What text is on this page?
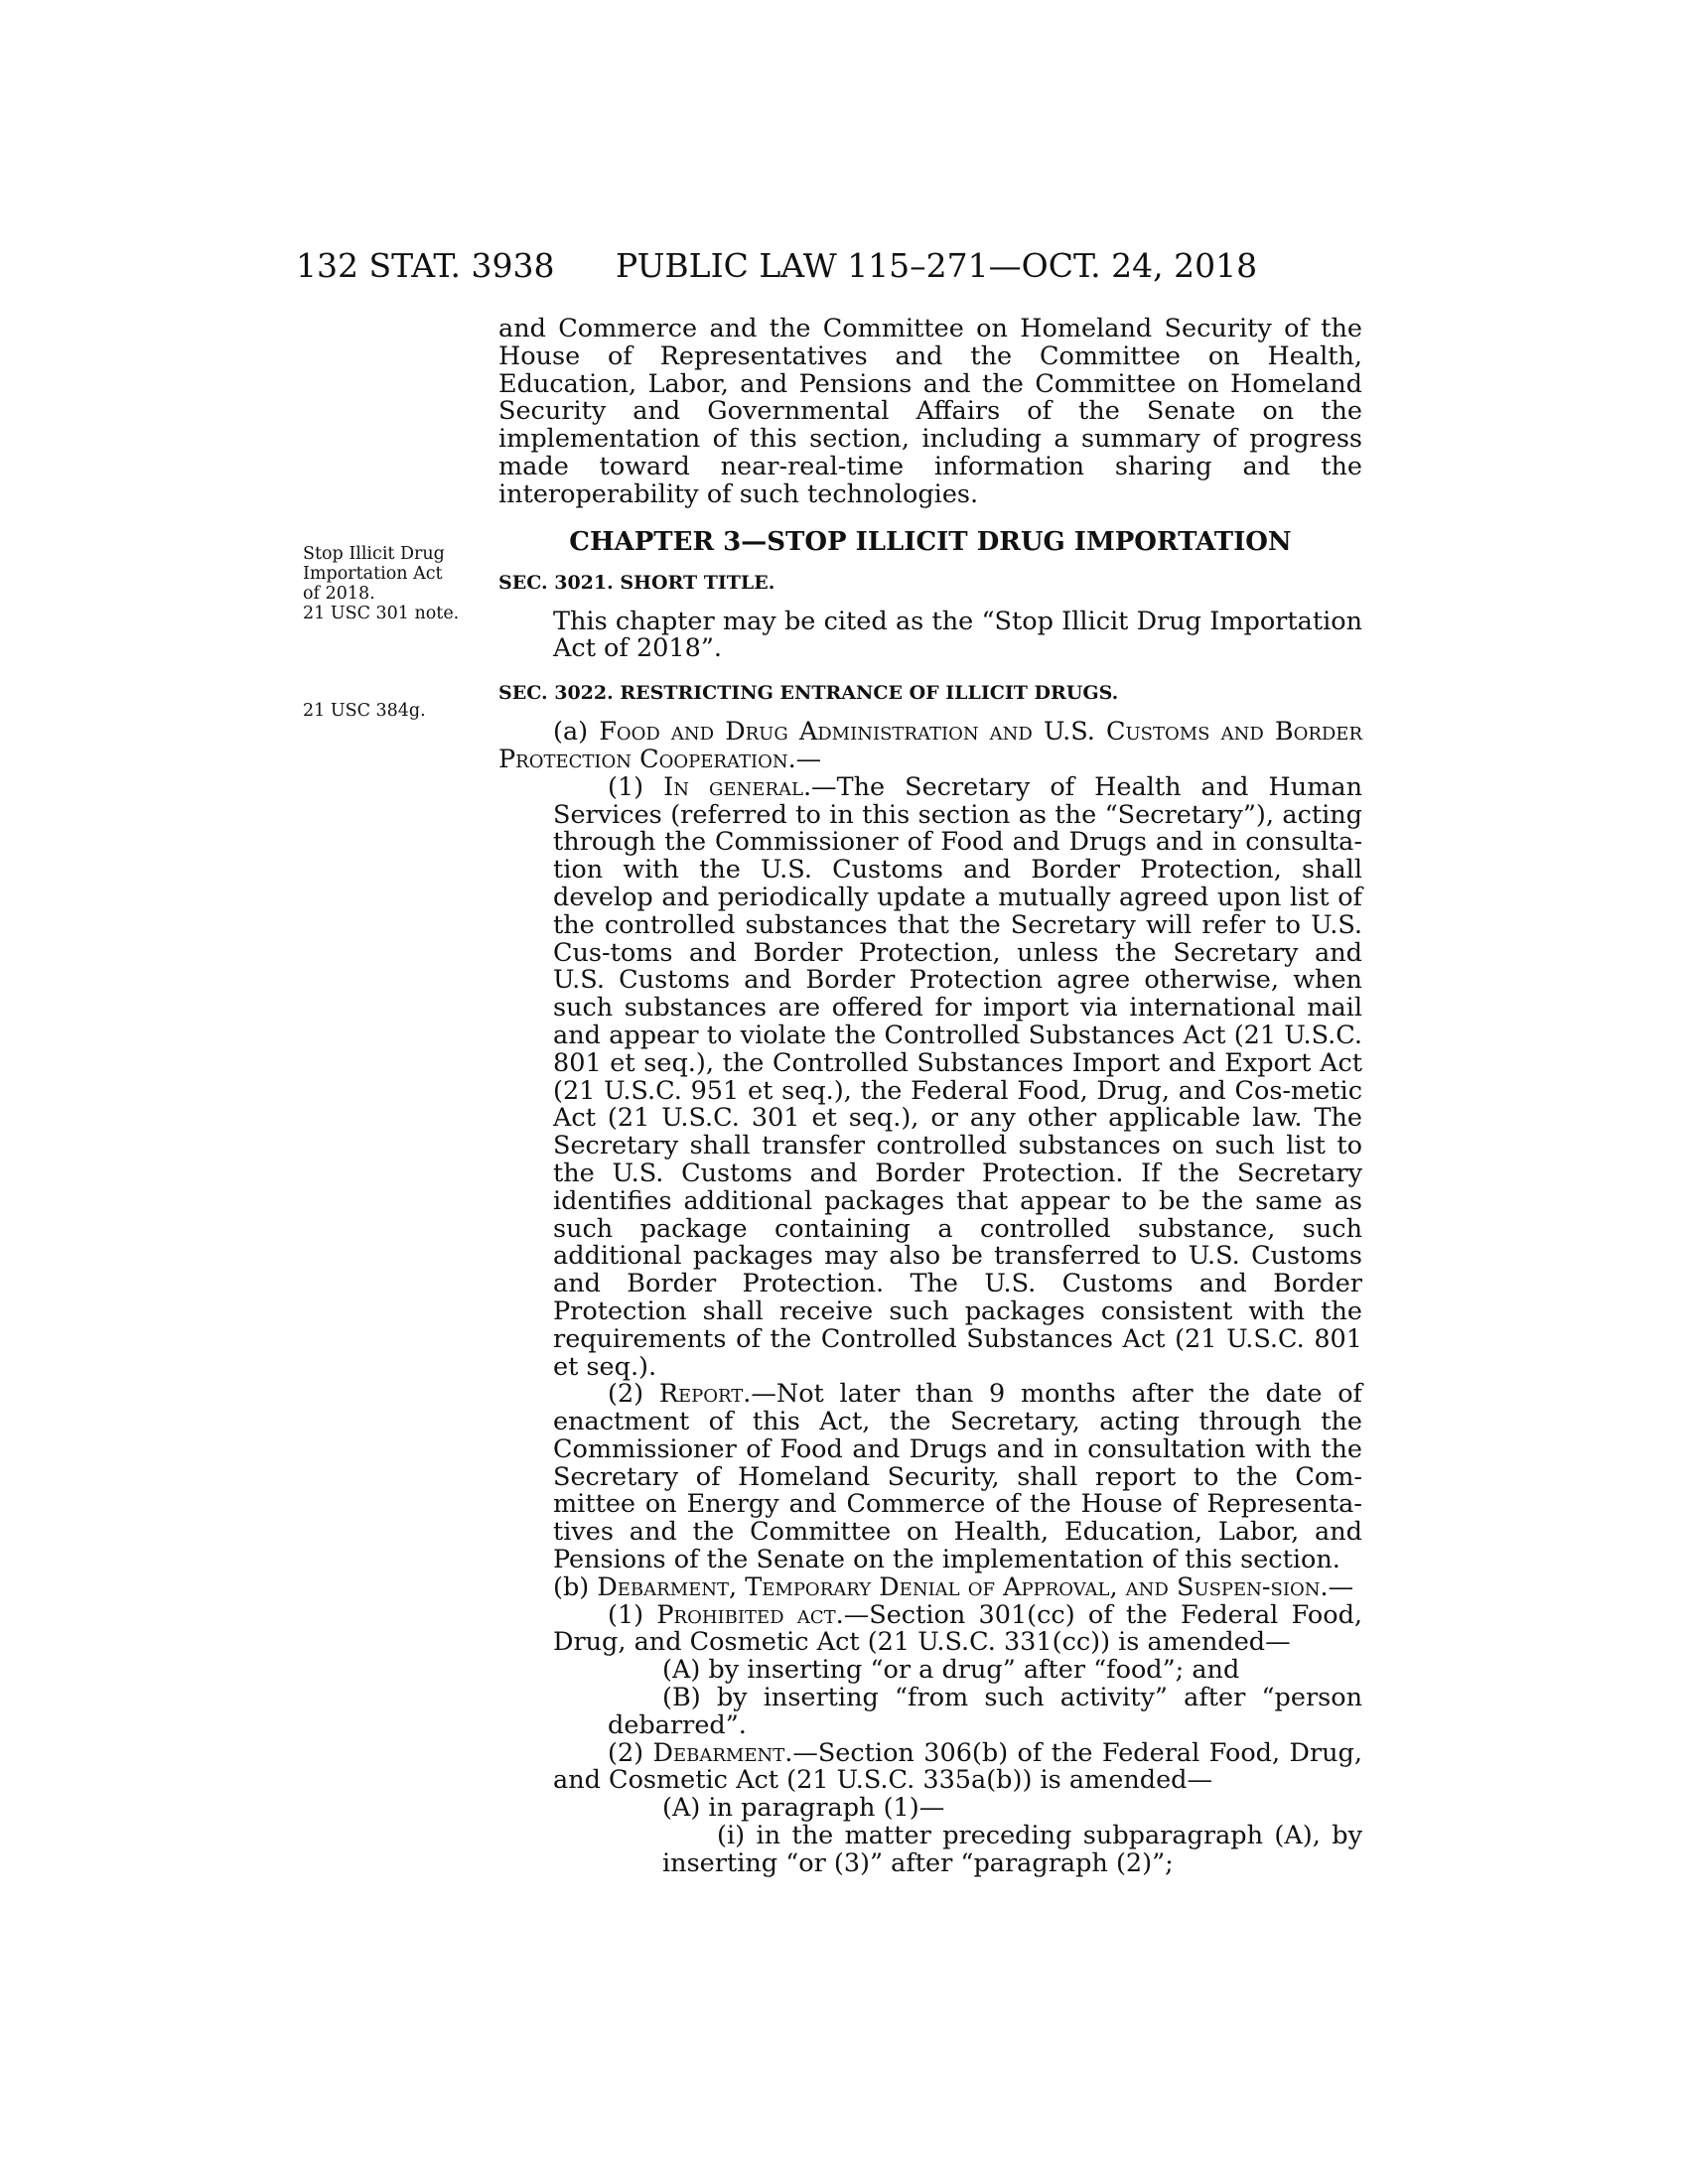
132 STAT. 3938 PUBLIC LAW 115–271—OCT. 24, 2018
Stop Illicit Drug
Importation Act
of 2018.
21 USC 301 note.
21 USC 384g.

and Commerce and the Committee on Homeland Security of the House of Representatives and the Committee on Health, Education, Labor, and Pensions and the Committee on Homeland Security and Governmental Affairs of the Senate on the implementation of this section, including a summary of progress made toward near-real-time information sharing and the interoperability of such technologies.

CHAPTER 3—STOP ILLICIT DRUG IMPORTATION

SEC. 3021. SHORT TITLE.

This chapter may be cited as the “Stop Illicit Drug Importation Act of 2018”.

SEC. 3022. RESTRICTING ENTRANCE OF ILLICIT DRUGS.

(a) Food and Drug Administration and U.S. Customs and Border Protection Cooperation.—

(1) In general.—The Secretary of Health and Human Services (referred to in this section as the “Secretary”), acting through the Commissioner of Food and Drugs and in consulta-tion with the U.S. Customs and Border Protection, shall develop and periodically update a mutually agreed upon list of the controlled substances that the Secretary will refer to U.S. Cus-toms and Border Protection, unless the Secretary and U.S. Customs and Border Protection agree otherwise, when such substances are offered for import via international mail and appear to violate the Controlled Substances Act (21 U.S.C. 801 et seq.), the Controlled Substances Import and Export Act (21 U.S.C. 951 et seq.), the Federal Food, Drug, and Cos-metic Act (21 U.S.C. 301 et seq.), or any other applicable law. The Secretary shall transfer controlled substances on such list to the U.S. Customs and Border Protection. If the Secretary identifies additional packages that appear to be the same as such package containing a controlled substance, such additional packages may also be transferred to U.S. Customs and Border Protection. The U.S. Customs and Border Protection shall receive such packages consistent with the requirements of the Controlled Substances Act (21 U.S.C. 801 et seq.).

(2) Report.—Not later than 9 months after the date of enactment of this Act, the Secretary, acting through the Commissioner of Food and Drugs and in consultation with the Secretary of Homeland Security, shall report to the Com-mittee on Energy and Commerce of the House of Representa-tives and the Committee on Health, Education, Labor, and Pensions of the Senate on the implementation of this section.

(b) Debarment, Temporary Denial of Approval, and Suspen-sion.—

(1) Prohibited act.—Section 301(cc) of the Federal Food, Drug, and Cosmetic Act (21 U.S.C. 331(cc)) is amended—

(A) by inserting “or a drug” after “food”; and

(B) by inserting “from such activity” after “person debarred”.

(2) Debarment.—Section 306(b) of the Federal Food, Drug, and Cosmetic Act (21 U.S.C. 335a(b)) is amended—

(A) in paragraph (1)—

(i) in the matter preceding subparagraph (A), by inserting “or (3)” after “paragraph (2)”;
